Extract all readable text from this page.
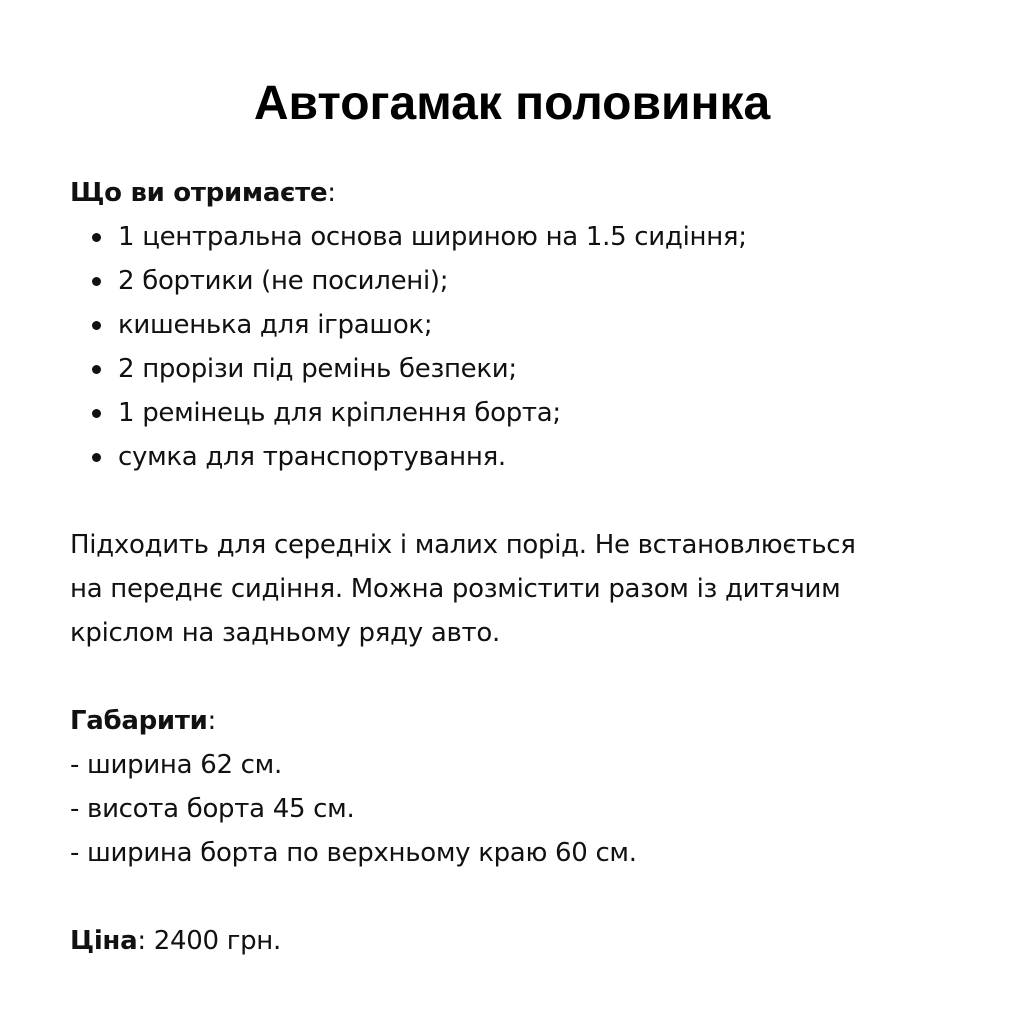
Автогамак половинка

Що ви отримаєте:

1 центральна основа шириною на 1.5 сидіння;
2 бортики (не посилені);
кишенька для іграшок;
2 прорізи під ремінь безпеки;
1 ремінець для кріплення борта;
сумка для транспортування.

Підходить для середніх і малих порід. Не встановлюється

на переднє сидіння. Можна розмістити разом із дитячим

кріслом на задньому ряду авто.

Габарити:

- ширина 62 см.

- висота борта 45 см.

- ширина борта по верхньому краю 60 см.

Ціна: 2400 грн.
